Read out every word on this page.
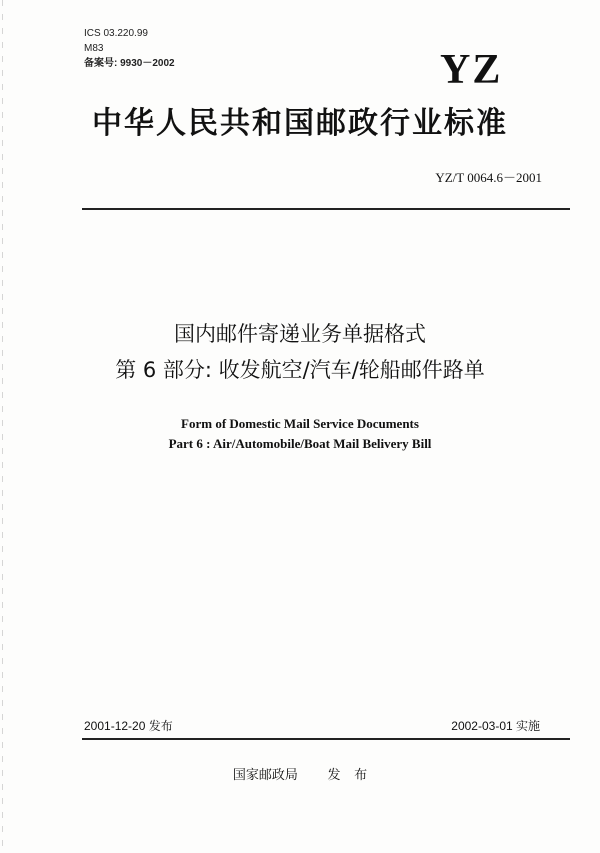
ICS 03.220.99
M83
备案号: 9930－2002	YZ
中华人民共和国邮政行业标准
YZ/T 0064.6－2001
国内邮件寄递业务单据格式
第 6 部分: 收发航空/汽车/轮船邮件路单
Form of Domestic Mail Service Documents
Part 6 : Air/Automobile/Boat Mail Belivery Bill
2001-12-20 发布	2002-03-01 实施
国家邮政局 发 布
